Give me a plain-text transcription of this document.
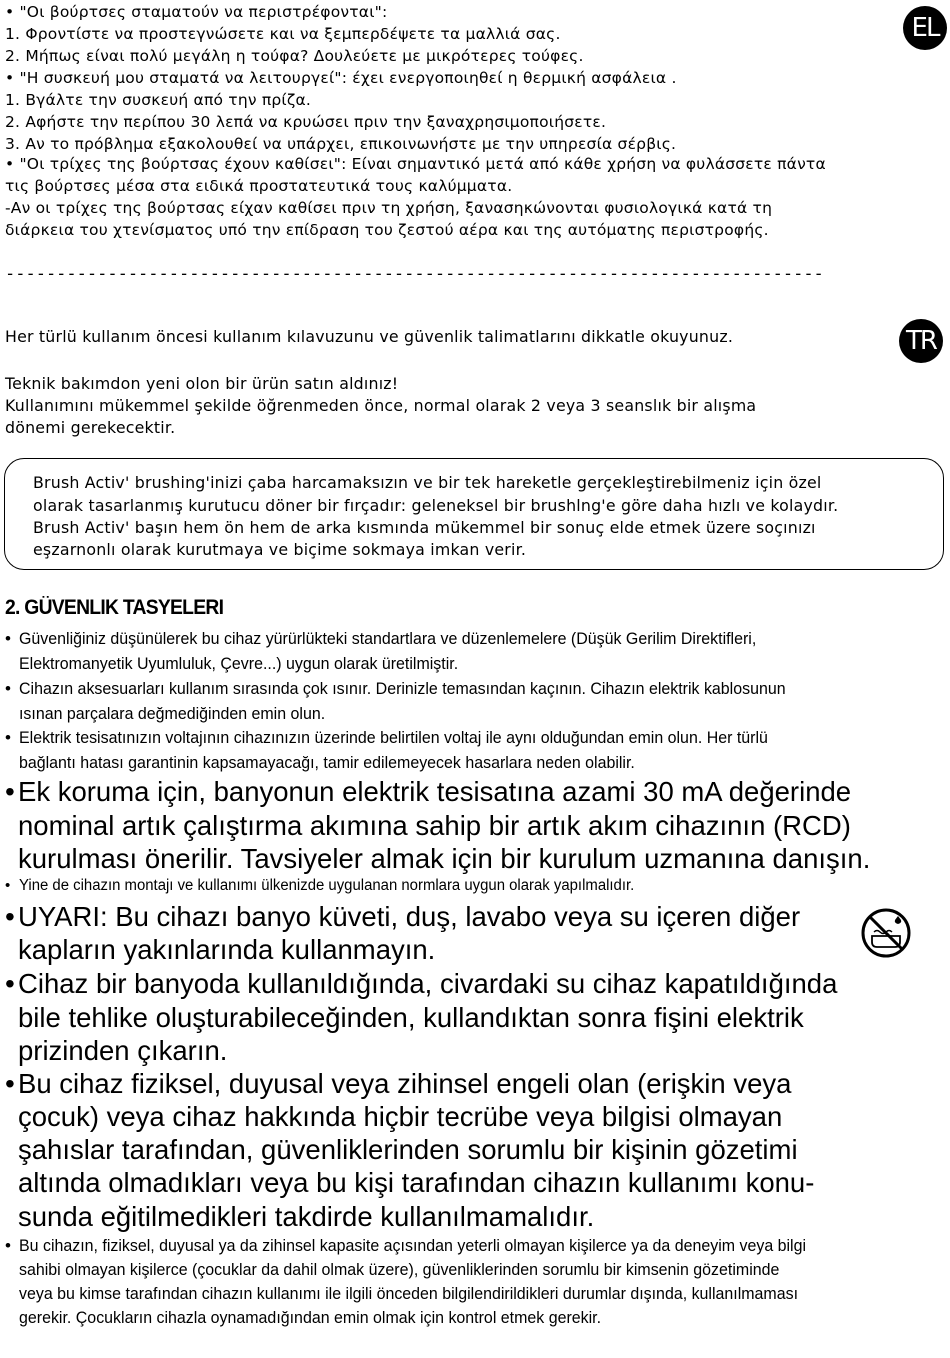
• "Οι βούρτσες σταματούν να περιστρέφονται":
1. Φροντίστε να προστεγνώσετε και να ξεμπερδέψετε τα μαλλιά σας.
2. Μήπως είναι πολύ μεγάλη η τούφα? Δουλεύετε με μικρότερες τούφες.
• "Η συσκευή μου σταματά να λειτουργεί": έχει ενεργοποιηθεί η θερμική ασφάλεια .
1. Βγάλτε την συσκευή από την πρίζα.
2. Αφήστε την περίπου 30 λεπά να κρυώσει πριν την ξαναχρησιμοποιήσετε.
3. Αν το πρόβλημα εξακολουθεί να υπάρχει, επικοινωνήστε με την υπηρεσία σέρβις.
• "Οι τρίχες της βούρτσας έχουν καθίσει": Είναι σημαντικό μετά από κάθε χρήση να φυλάσσετε πάντα
τις βούρτσες μέσα στα ειδικά προστατευτικά τους καλύμματα.
-Αν οι τρίχες της βούρτσας είχαν καθίσει πριν τη χρήση, ξανασηκώνονται φυσιολογικά κατά τη
διάρκεια του χτενίσματος υπό την επίδραση του ζεστού αέρα και της αυτόματης περιστροφής.
EL
--------------------------------------------------------------------------------
Her türlü kullanım öncesi kullanım kılavuzunu ve güvenlik talimatlarını dikkatle okuyunuz.	TR
Teknik bakımdon yeni olon bir ürün satın aldınız!
Kullanımını mükemmel şekilde öğrenmeden önce, normal olarak 2 veya 3 seanslık bir alışma
dönemi gerekecektir.
Brush Activ' brushing'inizi çaba harcamaksızın ve bir tek hareketle gerçekleştirebilmeniz için özel
olarak tasarlanmış kurutucu döner bir fırçadır: geleneksel bir brushlng'e göre daha hızlı ve kolaydır.
Brush Activ' başın hem ön hem de arka kısmında mükemmel bir sonuç elde etmek üzere soçınızı
eşzarnonlı olarak kurutmaya ve biçime sokmaya imkan verir.
2. GÜVENLIK TASYELERI
• Güvenliğiniz düşünülerek bu cihaz yürürlükteki standartlara ve düzenlemelere (Düşük Gerilim Direktifleri,
Elektromanyetik Uyumluluk, Çevre...) uygun olarak üretilmiştir.
• Cihazın aksesuarları kullanım sırasında çok ısınır. Derinizle temasından kaçının. Cihazın elektrik kablosunun
ısınan parçalara değmediğinden emin olun.
• Elektrik tesisatınızın voltajının cihazınızın üzerinde belirtilen voltaj ile aynı olduğundan emin olun. Her türlü
bağlantı hatası garantinin kapsamayacağı, tamir edilemeyecek hasarlara neden olabilir.
• Ek koruma için, banyonun elektrik tesisatına azami 30 mA değerinde
nominal artık çalıştırma akımına sahip bir artık akım cihazının (RCD)
kurulması önerilir. Tavsiyeler almak için bir kurulum uzmanına danışın.
• Yine de cihazın montajı ve kullanımı ülkenizde uygulanan normlara uygun olarak yapılmalıdır.
• UYARI: Bu cihazı banyo küveti, duş, lavabo veya su içeren diğer
kapların yakınlarında kullanmayın.
• Cihaz bir banyoda kullanıldığında, civardaki su cihaz kapatıldığında
bile tehlike oluşturabileceğinden, kullandıktan sonra fişini elektrik
prizinden çıkarın.
• Bu cihaz fiziksel, duyusal veya zihinsel engeli olan (erişkin veya
çocuk) veya cihaz hakkında hiçbir tecrübe veya bilgisi olmayan
şahıslar tarafından, güvenliklerinden sorumlu bir kişinin gözetimi
altında olmadıkları veya bu kişi tarafından cihazın kullanımı konu-
sunda eğitilmedikleri takdirde kullanılmamalıdır.
• Bu cihazın, fiziksel, duyusal ya da zihinsel kapasite açısından yeterli olmayan kişilerce ya da deneyim veya bilgi
sahibi olmayan kişilerce (çocuklar da dahil olmak üzere), güvenliklerinden sorumlu bir kimsenin gözetiminde
veya bu kimse tarafından cihazın kullanımı ile ilgili önceden bilgilendirildikleri durumlar dışında, kullanılmaması
gerekir. Çocukların cihazla oynamadığından emin olmak için kontrol etmek gerekir.
